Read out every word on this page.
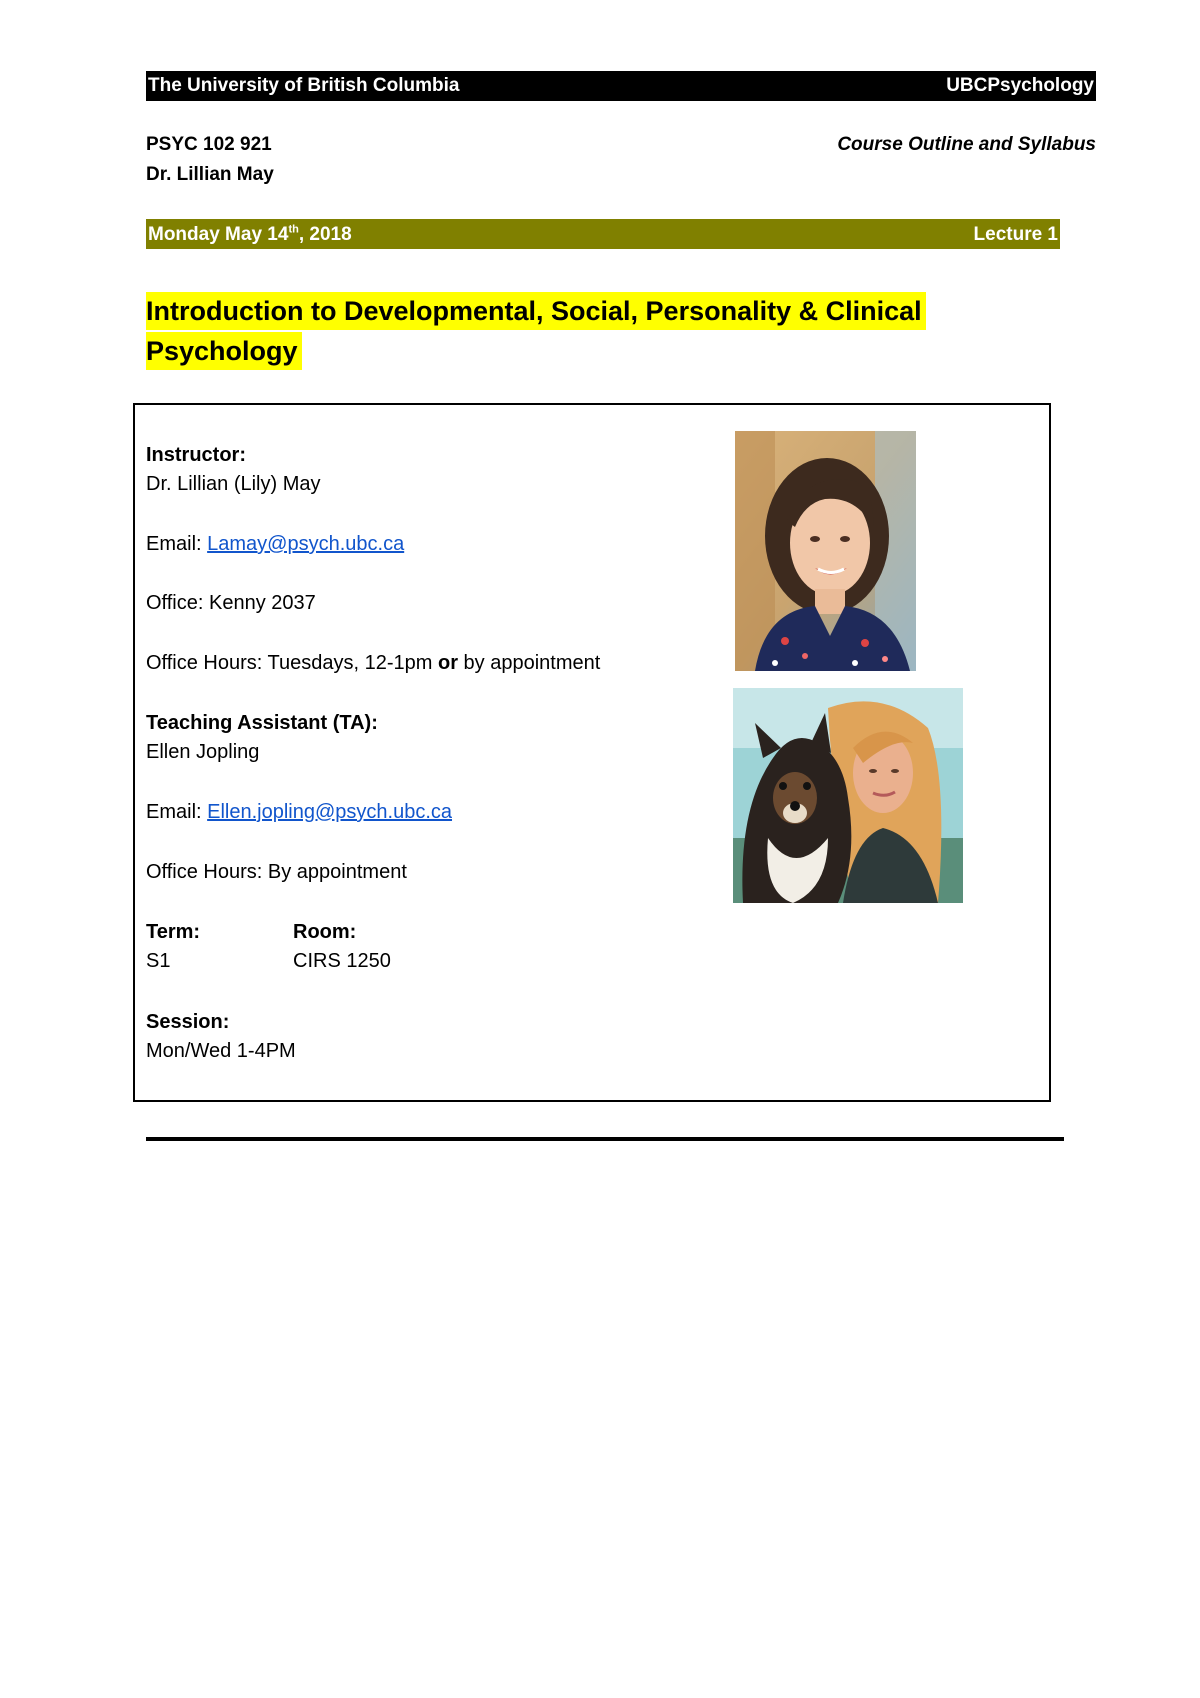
The University of British Columbia	UBCPsychology
PSYC 102 921	Course Outline and Syllabus
Dr. Lillian May
Monday May 14th, 2018	Lecture 1
Introduction to Developmental, Social, Personality & Clinical
Psychology
Instructor:
Dr. Lillian (Lily) May
Email: Lamay@psych.ubc.ca
Office: Kenny 2037
Office Hours: Tuesdays, 12-1pm or by appointment
Teaching Assistant (TA):
Ellen Jopling
Email: Ellen.jopling@psych.ubc.ca
Office Hours: By appointment
Term:	Room:
S1	CIRS 1250
Session:
Mon/Wed 1-4PM
